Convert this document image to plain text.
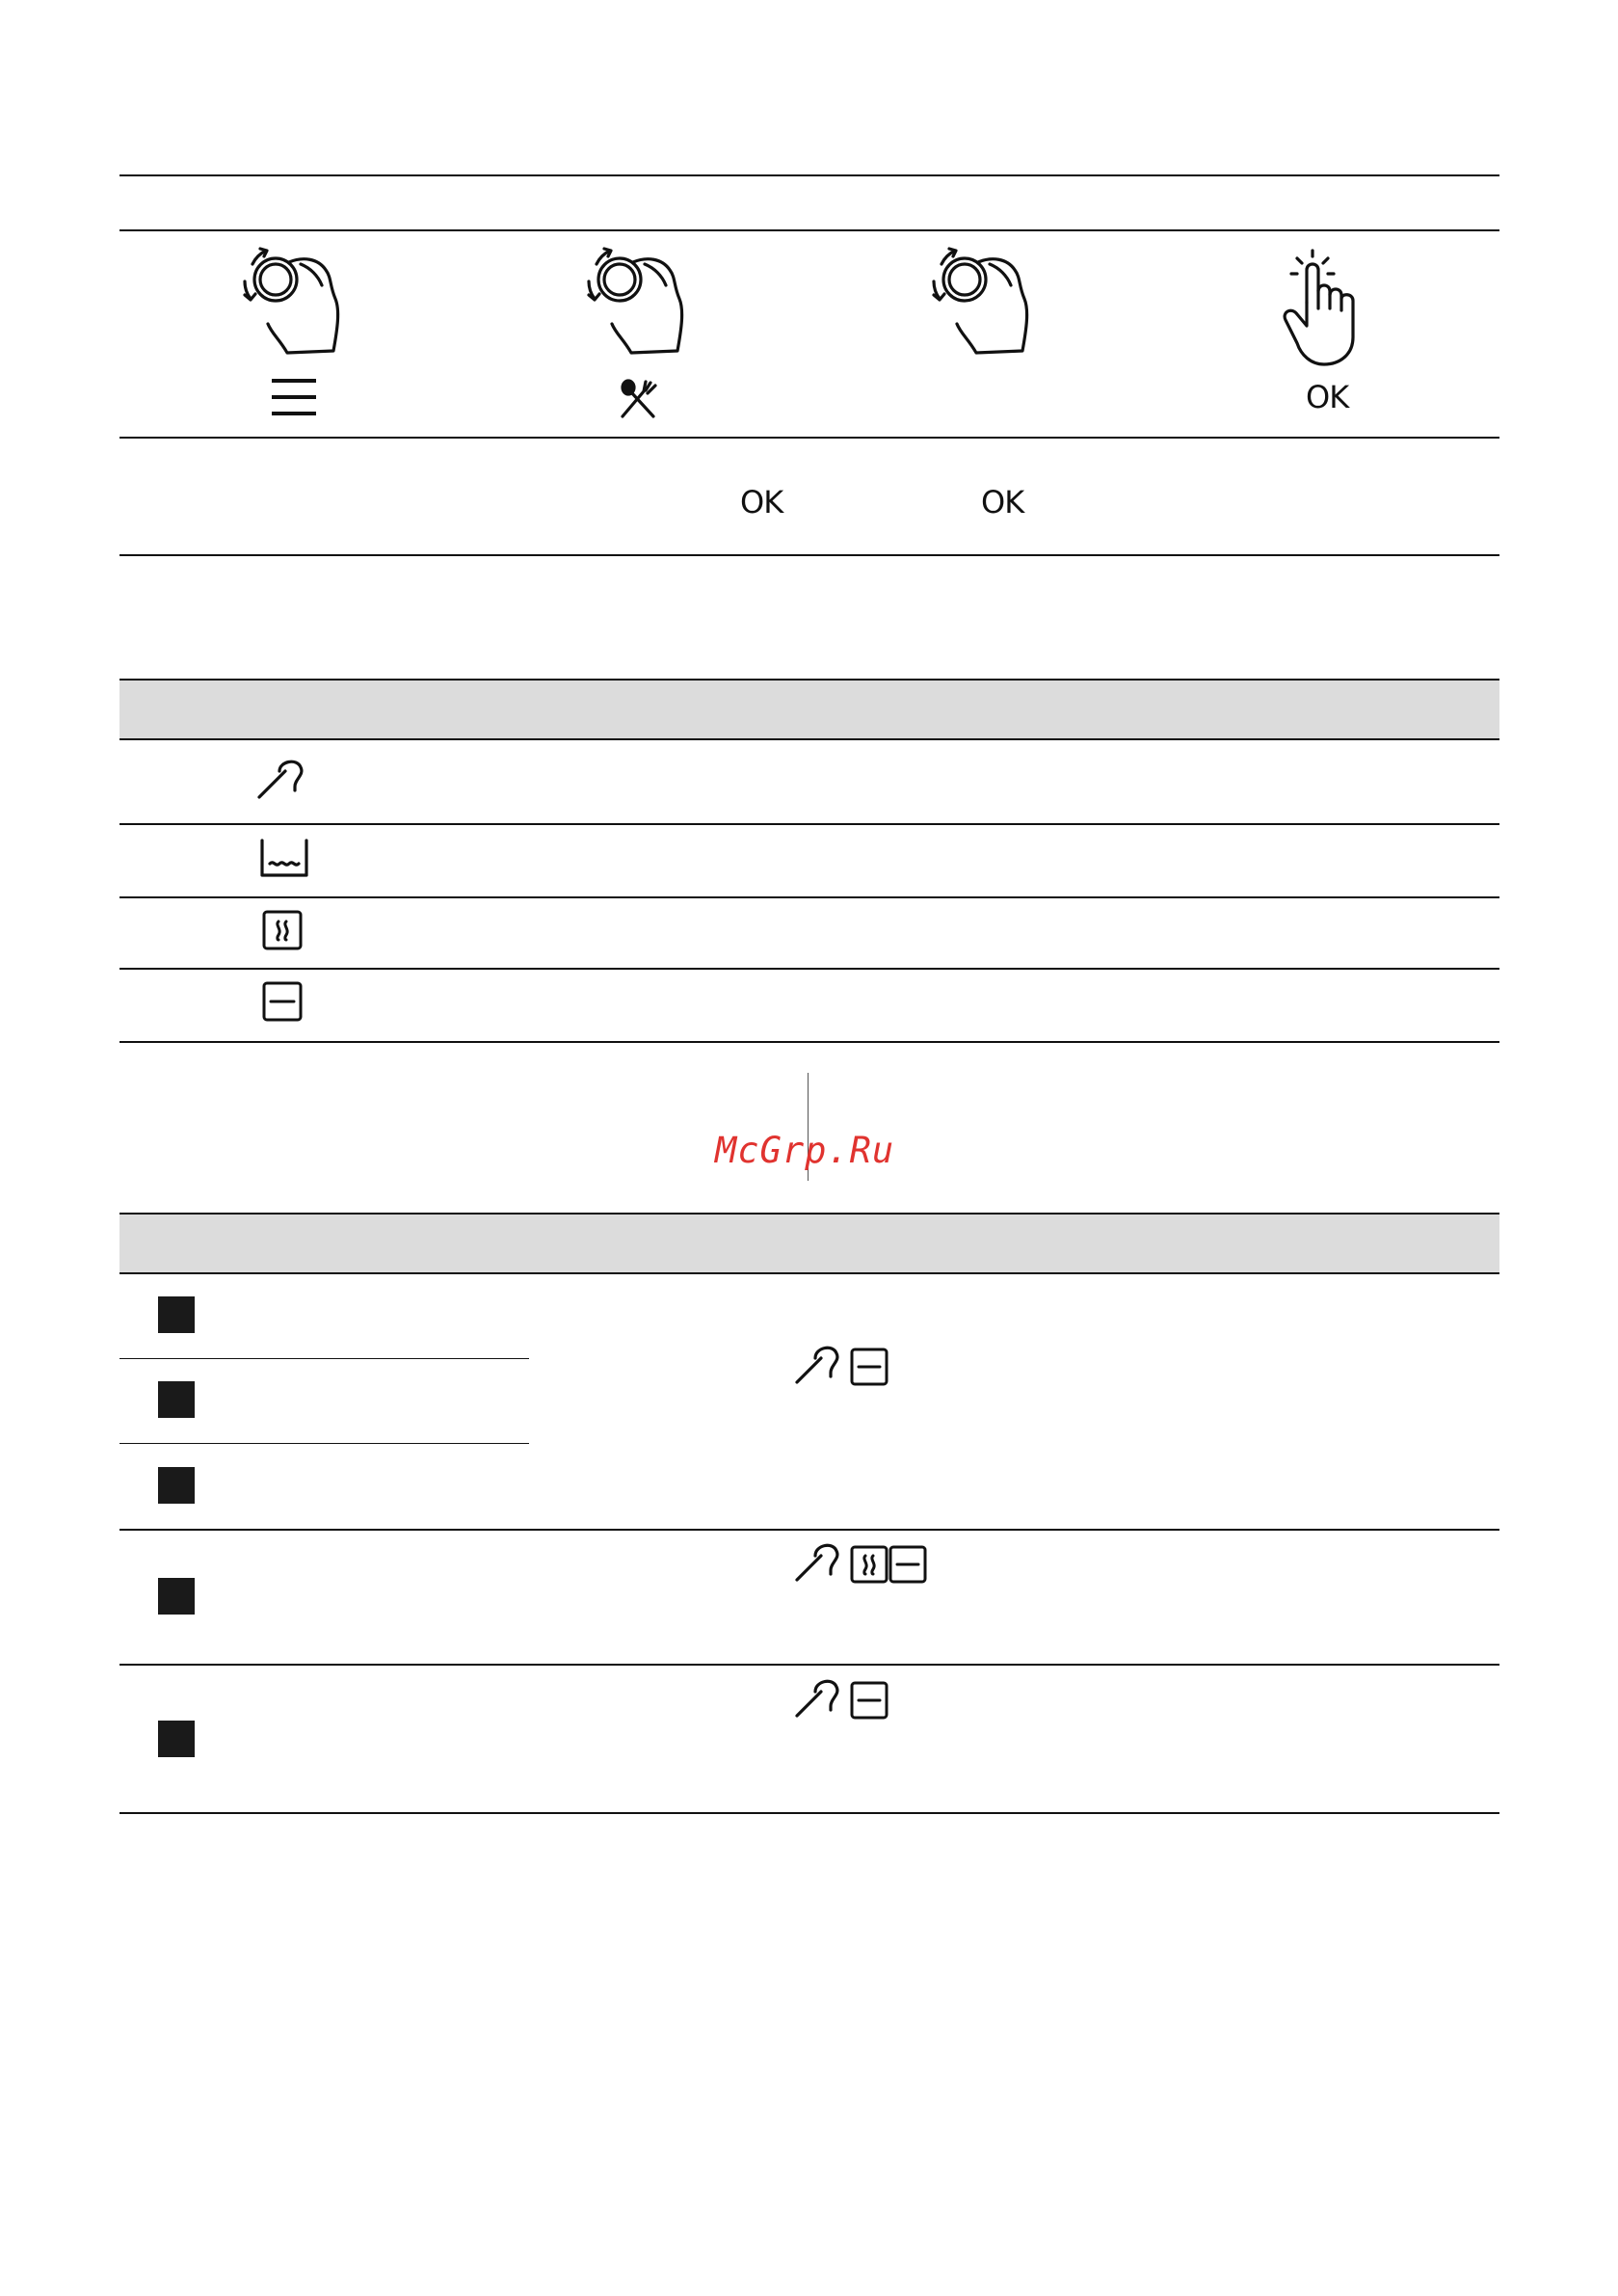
OK
OK	OK
McGrp.Ru
